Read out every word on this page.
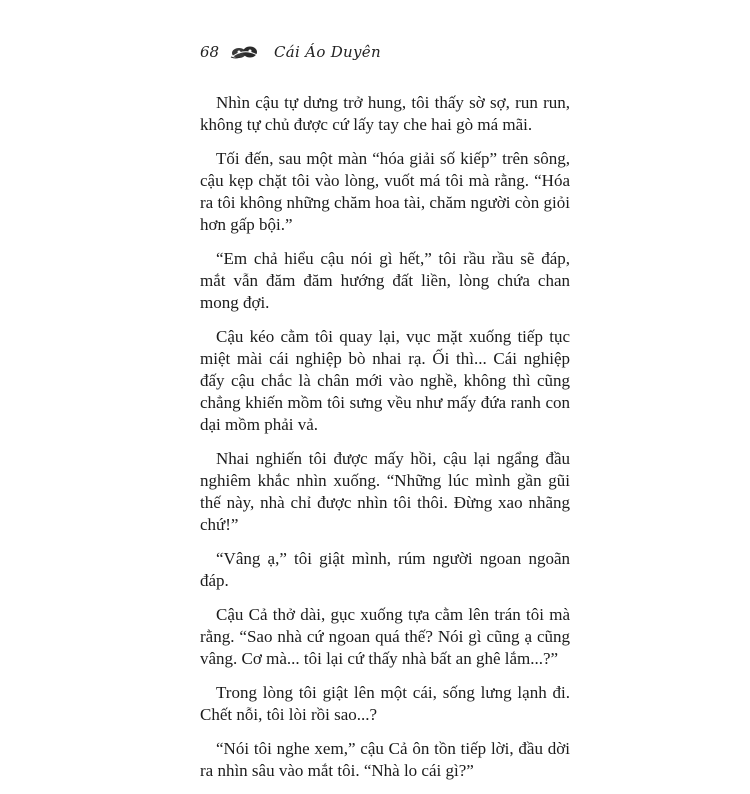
68	Cái Áo Duyên

Nhìn cậu tự dưng trở hung, tôi thấy sờ sợ, run run, không tự chủ được cứ lấy tay che hai gò má mãi.

Tối đến, sau một màn “hóa giải số kiếp” trên sông, cậu kẹp chặt tôi vào lòng, vuốt má tôi mà rằng. “Hóa ra tôi không những chăm hoa tài, chăm người còn giỏi hơn gấp bội.”

“Em chả hiểu cậu nói gì hết,” tôi rầu rầu sẽ đáp, mắt vẫn đăm đăm hướng đất liền, lòng chứa chan mong đợi.

Cậu kéo cằm tôi quay lại, vục mặt xuống tiếp tục miệt mài cái nghiệp bò nhai rạ. Ối thì... Cái nghiệp đấy cậu chắc là chân mới vào nghề, không thì cũng chẳng khiến mồm tôi sưng vều như mấy đứa ranh con dại mồm phải vả.

Nhai nghiến tôi được mấy hồi, cậu lại ngẩng đầu nghiêm khắc nhìn xuống. “Những lúc mình gần gũi thế này, nhà chỉ được nhìn tôi thôi. Đừng xao nhãng chứ!”

“Vâng ạ,” tôi giật mình, rúm người ngoan ngoãn đáp.

Cậu Cả thở dài, gục xuống tựa cằm lên trán tôi mà rằng. “Sao nhà cứ ngoan quá thế? Nói gì cũng ạ cũng vâng. Cơ mà... tôi lại cứ thấy nhà bất an ghê lắm...?”

Trong lòng tôi giật lên một cái, sống lưng lạnh đi. Chết nỗi, tôi lòi rồi sao...?

“Nói tôi nghe xem,” cậu Cả ôn tồn tiếp lời, đầu dời ra nhìn sâu vào mắt tôi. “Nhà lo cái gì?”
